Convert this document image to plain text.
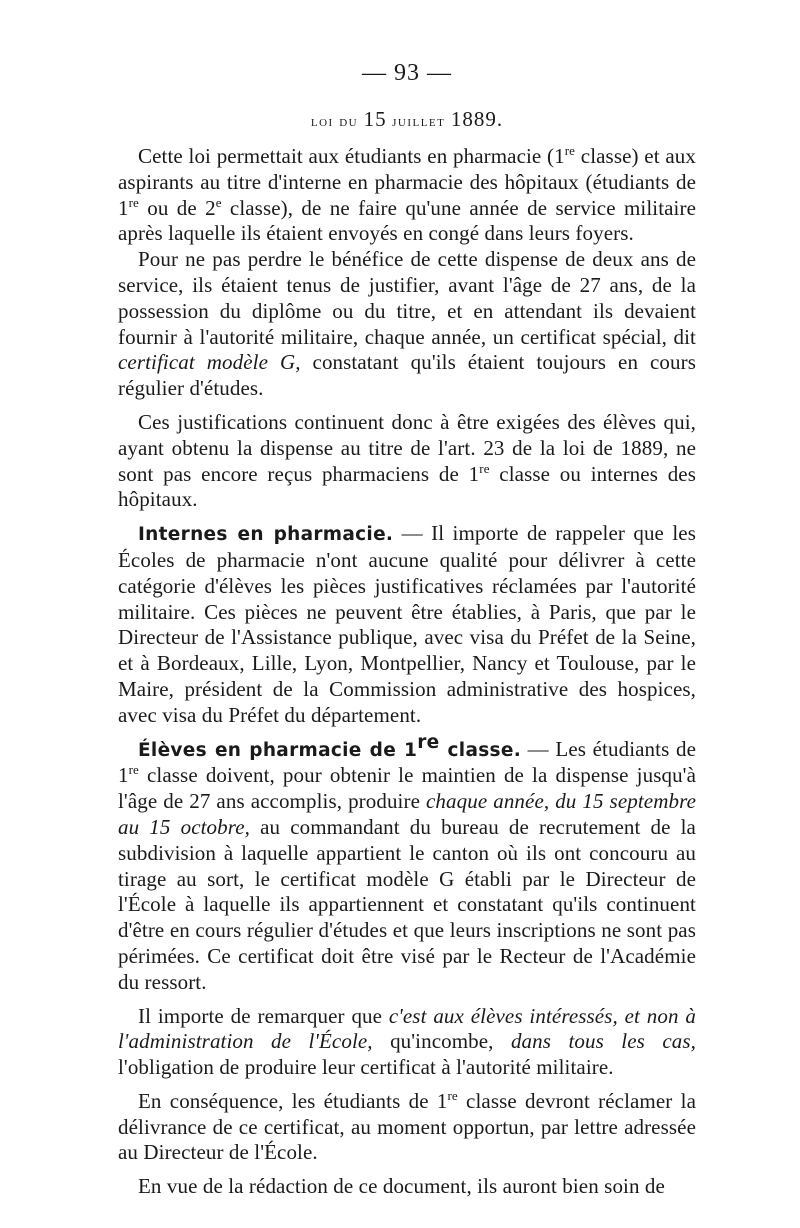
— 93 —
loi du 15 juillet 1889.

Cette loi permettait aux étudiants en pharmacie (1re classe) et aux aspirants au titre d'interne en pharmacie des hôpitaux (étudiants de 1re ou de 2e classe), de ne faire qu'une année de service militaire après laquelle ils étaient envoyés en congé dans leurs foyers.

Pour ne pas perdre le bénéfice de cette dispense de deux ans de service, ils étaient tenus de justifier, avant l'âge de 27 ans, de la possession du diplôme ou du titre, et en attendant ils devaient fournir à l'autorité militaire, chaque année, un certificat spécial, dit certificat modèle G, constatant qu'ils étaient toujours en cours régulier d'études.

Ces justifications continuent donc à être exigées des élèves qui, ayant obtenu la dispense au titre de l'art. 23 de la loi de 1889, ne sont pas encore reçus pharmaciens de 1re classe ou internes des hôpitaux.

Internes en pharmacie. — Il importe de rappeler que les Écoles de pharmacie n'ont aucune qualité pour délivrer à cette catégorie d'élèves les pièces justificatives réclamées par l'autorité militaire. Ces pièces ne peuvent être établies, à Paris, que par le Directeur de l'Assistance publique, avec visa du Préfet de la Seine, et à Bordeaux, Lille, Lyon, Montpellier, Nancy et Toulouse, par le Maire, président de la Commission administrative des hospices, avec visa du Préfet du département.

Élèves en pharmacie de 1re classe. — Les étudiants de 1re classe doivent, pour obtenir le maintien de la dispense jusqu'à l'âge de 27 ans accomplis, produire chaque année, du 15 septembre au 15 octobre, au commandant du bureau de recrutement de la subdivision à laquelle appartient le canton où ils ont concouru au tirage au sort, le certificat modèle G établi par le Directeur de l'École à laquelle ils appartiennent et constatant qu'ils continuent d'être en cours régulier d'études et que leurs inscriptions ne sont pas périmées. Ce certificat doit être visé par le Recteur de l'Académie du ressort.

Il importe de remarquer que c'est aux élèves intéressés, et non à l'administration de l'École, qu'incombe, dans tous les cas, l'obligation de produire leur certificat à l'autorité militaire.

En conséquence, les étudiants de 1re classe devront réclamer la délivrance de ce certificat, au moment opportun, par lettre adressée au Directeur de l'École.

En vue de la rédaction de ce document, ils auront bien soin de
